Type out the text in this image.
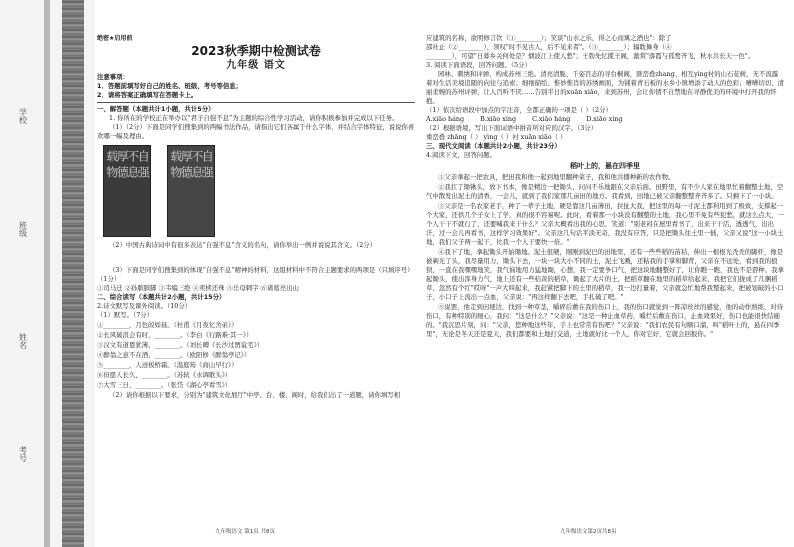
学校
班级
姓名
考号
绝密★启用前
2023秋季期中检测试卷
九年级 语文
注意事项：
1．答题前填写好自己的姓名、班级、考号等信息；
2．请将答案正确填写在答题卡上。
一、解答题（本题共计1小题，共计5分）
1. 你所在的学校正在举办以“君子自强不息”为主题的综合性学习活动，请你积极参加并完成以下任务。
（1）（2分）下面是同学们搜集到的两幅书法作品，请指出它们各属于什么字体，并结合字体特征，说说你喜欢哪一幅及理由。
自强
不息
厚德
载物	自强
不息
厚德
载物
（2）中国古典诗词中有很多表达“自强不息”含义的名句，请你举出一例并说说其含义。（2分）
（3）下面是同学们搜集到的体现“自强不息”精神的材料，这组材料中不符合主题要求的两项是（只填序号）（1分）
①司马迁 ②孙膑膑脚 ③韦编三绝 ④卖椟还珠 ⑤岳母刺字 ⑥诸葛亮出山
二、综合读写（本题共计2小题，共计15分）
2.诗文默写及课外阅读。（10分）
（1）默写。（7分）
①________，月色皎如昼。（杜甫《月夜忆舍弟》）
②长风破浪会有时，________。（李白《行路难·其一》）
③汉文有道恩犹薄，________。（刘长卿《长沙过贾谊宅》）
④醉翁之意不在酒，________。（欧阳修《醉翁亭记》）
⑤________，人迹板桥霜。（温庭筠《商山早行》）
⑥但愿人长久，________。（苏轼《水调歌头》）
⑦大雪三日，________。（张岱《湖心亭看雪》）
（2）请你根据以下要求，分别为"建筑文化展厅"中亭、台、楼、阁时，给我们出了一道题，请你填写相
九年级语文 第1页 共8页
应建筑的名称，欲明修言饮（①________）；笑谈"山水之乐，得之心而寓之酒也"：除了
邵社止（②________），领叹"时不见古人，后不见来者"。（③________）；辐耽舞身（④
________），可望"日暮乡关何处是？烟波江上使人愁"；王勃先忆揽王阁，激赏"落霞与孤鹜齐飞，秋水共长天一色"。
3. 阅读下面语段，回答问题。（5分）
园林、刺绣和评弹，构成苏州三绝。清亮清脆、千姿百态的寻台桐阁，匪峦叠zhang、相互ying衬的山石花树，无不流露着对生活美境追随的向往与追索；细细描绘、惟妙惟肖的苏绣画面，为铺着青石板的水乡小镇增添了动人的色彩；嘈嘈切切、清丽柔婉的苏州评弹，让人百听不厌……告别半日的xuān xiāo，来到苏州，会让你情不自禁地在寻静优美的环境中打开我的怀抱。
（1）依次给语段中加点的字注音，全都正确的一项是（ ）（2分）
A.xiāo háng	B.xiāo xíng	C.xiāo háng	D.xiāo xíng
（2）根据语境，写出下面词语中拼音所对应的汉字。（3分）
重峦叠 zhāng（ ） yìng（ ）衬 xuān xiāo（ ）
三、现代文阅读（本题共计2小题，共计23分）
4.阅读下文，回答问题。
稻叶上的，悬在四季里
①父亲拿起一把农具，把田我和他一起到地里翻种菜子，我和他共播种新的农作物。
②我扛了锄锹头，放下书本，像是精边一把锄头，问问不乐地跟在父亲后面。田野里，有不少人家在地里忙着翻整土地，空气中散发出泥土的清香，一会儿，就到了我们家那几亩田的地方。我看到，田地已被父亲翻整整齐齐多了。只剩下了一小块。
③父亲是一名农家老手，种了一辈子土地，硬是靠这几亩薄田，拉扯大我，把这里的每一寸泥土都利用到了极致，支撑起一个大家，还供几个子女上了学，真的很不容易呢。此时，看着那一小块没有翻整的土地，我心里不免有些犯愁，就这么点大，一个人干干不就行了，还要喊我来干什么？父亲大概看出我的心思，笑道："别老闷在屋里看书了，出来干干活，透透气，出出汗，过一会儿再看书，这样学习效果好"。父亲这几句话平淡无奇，我没有应答，只是把锄头往土里一插，父亲又说"这一小块土地，我们父子两一起干，比我一个人干要快一倍。"
④我下了地，拿起锄头开始锄地。泥土很硬，刚刚到泥巴的田地里，还有一些些稻的苗秸，伸出一根根光秃秃的脚杆，像是被剃光了头，我尽量用力，锄头下去，一块一块大小不同的土，泥土飞溅，还粘我的手掌和脚背，父亲在不远处，看到我的狼狈，一直在我嘿嘿地笑，我气恼地用力猛地锄，心想，我一定要争口气，把这块地翻整好了，让你瞧一瞧，我也不是孬种。我拿起锄头，使出浑身力气，地上还有一些桔黄的稻草，锄起了大片的土，把稻草翻在地里的稻草给起来，我把它们拢成了几捆稻草，忽然有个红"哎呀"一声大叫起来，我赶紧把脚下的土里的稻草，我一边打量着，父亲就急忙地帮我整起来，把被划破的小口子，小口子上流出一点血，父亲说："再这样翻下去吧，手扎破了吧。"
⑤说罢，他走到田埂边，找到一种草茎，嚼碎后敷在我的伤口上，我的伤口就觉到一阵凉丝丝的感觉，他的动作熟练，对待伤口，有种特别的细心，我问："这是什么？"父亲说："这是一种止血草药，嚼烂后敷在伤口，止血效果好，伤口也能很快结痂的。"我沉思片刻，问："父亲，您种地这些年，手上也常常有伤吧？"父亲说："我们农民有句顺口溜，叫"稻叶上的，悬在四季里"，无论是冬天还是夏天，我们都要和土地打交道，土地就好比一个人，你对它好，它就会回报你。"
九年级语文第2页共8页
